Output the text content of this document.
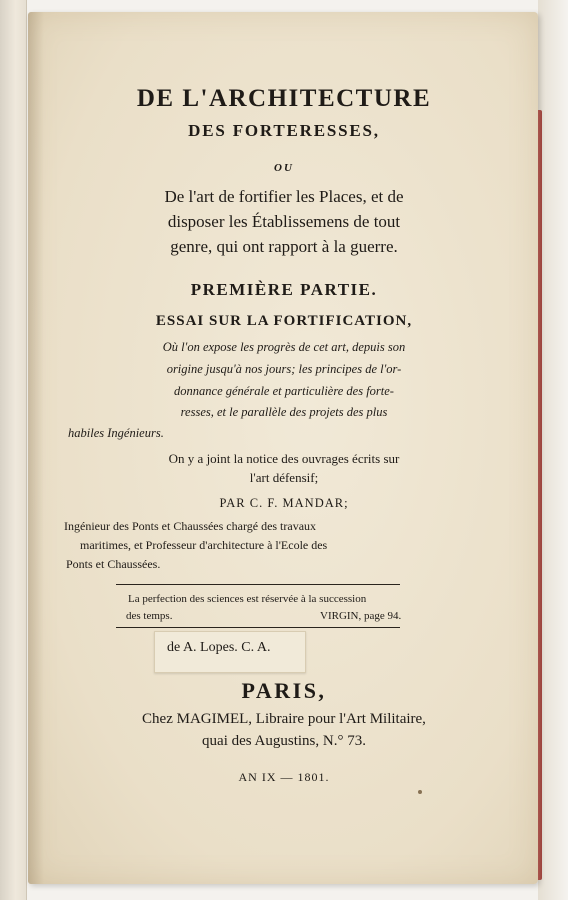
DE L'ARCHITECTURE
DES FORTERESSES,
OU
De l'art de fortifier les Places, et de
disposer les Établissemens de tout
genre, qui ont rapport à la guerre.
PREMIÈRE PARTIE.
ESSAI SUR LA FORTIFICATION,
Où l'on expose les progrès de cet art, depuis son
origine jusqu'à nos jours; les principes de l'or-
donnance générale et particulière des forte-
resses, et le parallèle des projets des plus
habiles Ingénieurs.
On y a joint la notice des ouvrages écrits sur
l'art défensif;
PAR C. F. MANDAR;
Ingénieur des Ponts et Chaussées chargé des travaux
maritimes, et Professeur d'architecture à l'Ecole des
Ponts et Chaussées.
La perfection des sciences est réservée à la succession
des temps.	VIRGIN, page 94.
de A. Lopes. C. A.
PARIS,
Chez MAGIMEL, Libraire pour l'Art Militaire,
quai des Augustins, N.° 73.
AN IX — 1801.
